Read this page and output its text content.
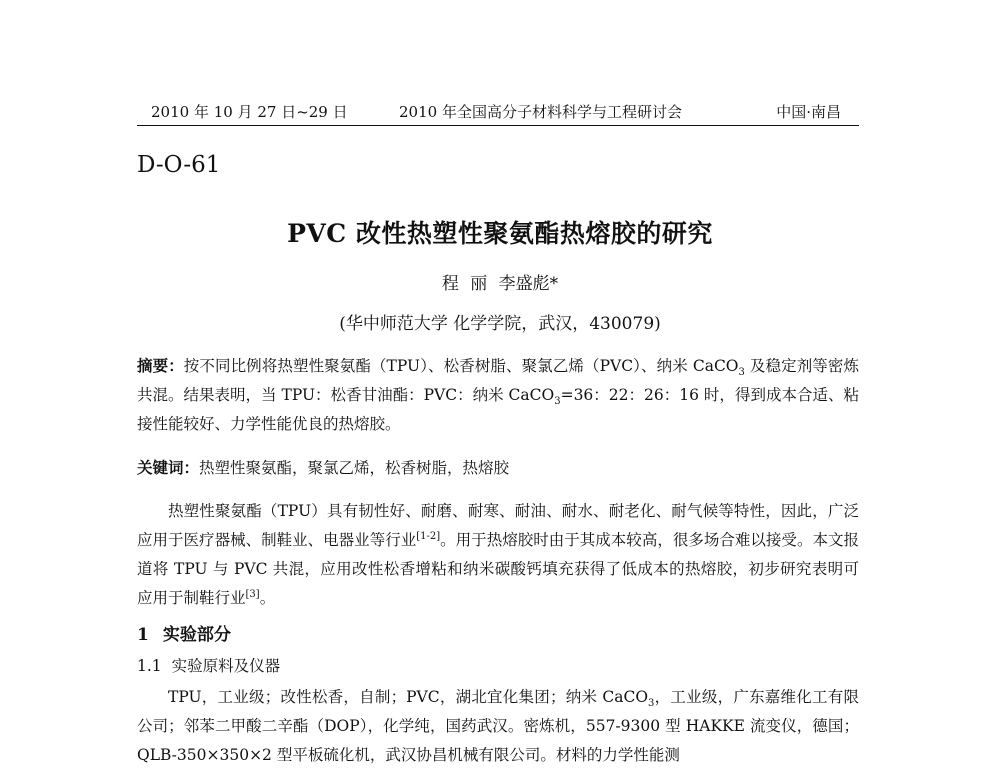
2010 年 10 月 27 日~29 日	2010 年全国高分子材料科学与工程研讨会	中国·南昌
D-O-61
PVC 改性热塑性聚氨酯热熔胶的研究
程 丽 李盛彪*
(华中师范大学 化学学院，武汉，430079)

摘要：按不同比例将热塑性聚氨酯（TPU）、松香树脂、聚氯乙烯（PVC）、纳米 CaCO$_3$ 及稳定剂等密炼共混。结果表明，当 TPU：松香甘油酯：PVC：纳米 CaCO$_3$=36：22：26：16 时，得到成本合适、粘接性能较好、力学性能优良的热熔胶。

关键词：热塑性聚氨酯，聚氯乙烯，松香树脂，热熔胶

热塑性聚氨酯（TPU）具有韧性好、耐磨、耐寒、耐油、耐水、耐老化、耐气候等特性，因此，广泛应用于医疗器械、制鞋业、电器业等行业[1-2]。用于热熔胶时由于其成本较高，很多场合难以接受。本文报道将 TPU 与 PVC 共混，应用改性松香增粘和纳米碳酸钙填充获得了低成本的热熔胶，初步研究表明可应用于制鞋行业[3]。

1 实验部分
1.1 实验原料及仪器

TPU，工业级；改性松香，自制；PVC，湖北宜化集团；纳米 CaCO$_3$，工业级，广东嘉维化工有限公司；邻苯二甲酸二辛酯（DOP），化学纯，国药武汉。密炼机，557-9300 型 HAKKE 流变仪，德国；QLB-350×350×2 型平板硫化机，武汉协昌机械有限公司。材料的力学性能测
